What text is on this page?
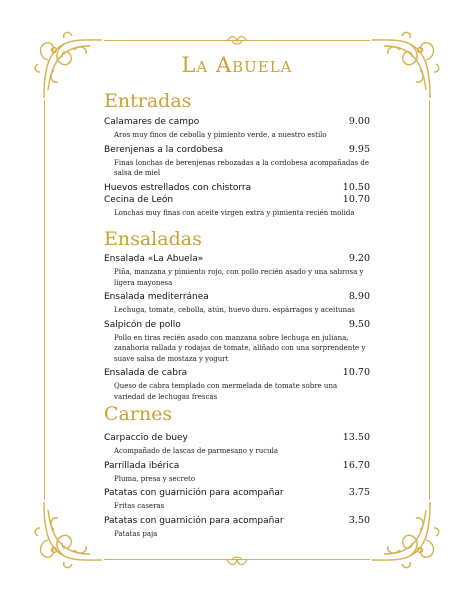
La Abuela
Entradas
Calamares de campo	9.00
Aros muy finos de cebolla y pimiento verde, a nuestro estilo
Berenjenas a la cordobesa	9.95
Finas lonchas de berenjenas rebozadas a la cordobesa acompañadas de salsa de miel
Huevos estrellados con chistorra	10.50
Cecina de León	10.70
Lonchas muy finas con aceite virgen extra y pimienta recién molida
Ensaladas
Ensalada «La Abuela»	9.20
Piña, manzana y pimiento rojo, con pollo recién asado y una sabrosa y ligera mayonesa
Ensalada mediterránea	8.90
Lechuga, tomate, cebolla, atún, huevo duro. espárragos y aceitunas
Salpicón de pollo	9.50
Pollo en tiras recién asado con manzana sobre lechuga en juliana, zanahoria rallada y rodajas de tomate, aliñado con una sorprendente y suave salsa de mostaza y yogurt
Ensalada de cabra	10.70
Queso de cabra templado con mermelada de tomate sobre una variedad de lechugas frescas
Carnes
Carpaccio de buey	13.50
Acompañado de lascas de parmesano y rucula
Parrillada ibérica	16.70
Pluma, presa y secreto
Patatas con guarnición para acompañar	3.75
Fritas caseras
Patatas con guarnición para acompañar	3.50
Patatas paja
